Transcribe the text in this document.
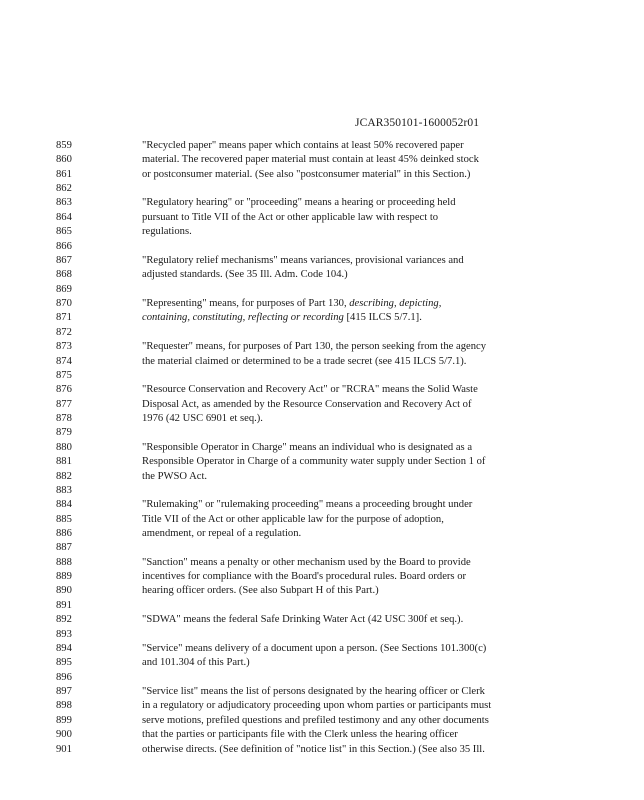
JCAR350101-1600052r01
859	"Recycled paper" means paper which contains at least 50% recovered paper
860	material. The recovered paper material must contain at least 45% deinked stock
861	or postconsumer material. (See also "postconsumer material" in this Section.)
862
863	"Regulatory hearing" or "proceeding" means a hearing or proceeding held
864	pursuant to Title VII of the Act or other applicable law with respect to
865	regulations.
866
867	"Regulatory relief mechanisms" means variances, provisional variances and
868	adjusted standards. (See 35 Ill. Adm. Code 104.)
869
870	"Representing" means, for purposes of Part 130, describing, depicting,
871	containing, constituting, reflecting or recording [415 ILCS 5/7.1].
872
873	"Requester" means, for purposes of Part 130, the person seeking from the agency
874	the material claimed or determined to be a trade secret (see 415 ILCS 5/7.1).
875
876	"Resource Conservation and Recovery Act" or "RCRA" means the Solid Waste
877	Disposal Act, as amended by the Resource Conservation and Recovery Act of
878	1976 (42 USC 6901 et seq.).
879
880	"Responsible Operator in Charge" means an individual who is designated as a
881	Responsible Operator in Charge of a community water supply under Section 1 of
882	the PWSO Act.
883
884	"Rulemaking" or "rulemaking proceeding" means a proceeding brought under
885	Title VII of the Act or other applicable law for the purpose of adoption,
886	amendment, or repeal of a regulation.
887
888	"Sanction" means a penalty or other mechanism used by the Board to provide
889	incentives for compliance with the Board's procedural rules. Board orders or
890	hearing officer orders. (See also Subpart H of this Part.)
891
892	"SDWA" means the federal Safe Drinking Water Act (42 USC 300f et seq.).
893
894	"Service" means delivery of a document upon a person. (See Sections 101.300(c)
895	and 101.304 of this Part.)
896
897	"Service list" means the list of persons designated by the hearing officer or Clerk
898	in a regulatory or adjudicatory proceeding upon whom parties or participants must
899	serve motions, prefiled questions and prefiled testimony and any other documents
900	that the parties or participants file with the Clerk unless the hearing officer
901	otherwise directs. (See definition of "notice list" in this Section.) (See also 35 Ill.
